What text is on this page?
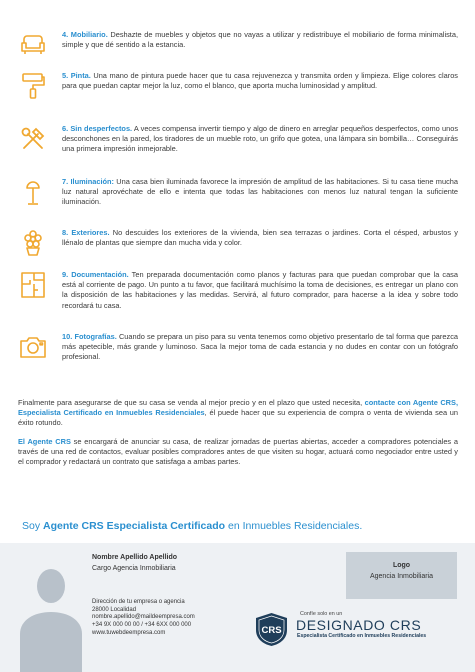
4. Mobiliario. Deshazte de muebles y objetos que no vayas a utilizar y redistribuye el mobiliario de forma minimalista, simple y que dé sentido a la estancia.

5. Pinta. Una mano de pintura puede hacer que tu casa rejuvenezca y transmita orden y limpieza. Elige colores claros para que puedan captar mejor la luz, como el blanco, que aporta mucha luminosidad y amplitud.

6. Sin desperfectos. A veces compensa invertir tiempo y algo de dinero en arreglar pequeños desperfectos, como unos desconchones en la pared, los tiradores de un mueble roto, un grifo que gotea, una lámpara sin bombilla… Conseguirás una primera impresión inmejorable.

7. Iluminación: Una casa bien iluminada favorece la impresión de amplitud de las habitaciones. Si tu casa tiene mucha luz natural aprovéchate de ello e intenta que todas las habitaciones con menos luz natural tengan la suficiente iluminación.

8. Exteriores. No descuides los exteriores de la vivienda, bien sea terrazas o jardines. Corta el césped, arbustos y llénalo de plantas que siempre dan mucha vida y color.

9. Documentación. Ten preparada documentación como planos y facturas para que puedan comprobar que la casa está al corriente de pago. Un punto a tu favor, que facilitará muchísimo la toma de decisiones, es entregar un plano con la disposición de las habitaciones y las medidas. Servirá, al futuro comprador, para hacerse a la idea y sobre todo recordará tu casa.

10. Fotografías. Cuando se prepara un piso para su venta tenemos como objetivo presentarlo de tal forma que parezca más apetecible, más grande y luminoso. Saca la mejor toma de cada estancia y no dudes en contar con un fotógrafo profesional.

Finalmente para asegurarse de que su casa se venda al mejor precio y en el plazo que usted necesita, contacte con Agente CRS, Especialista Certificado en Inmuebles Residenciales, él puede hacer que su experiencia de compra o venta de vivienda sea un éxito rotundo.

El Agente CRS se encargará de anunciar su casa, de realizar jornadas de puertas abiertas, acceder a compradores potenciales a través de una red de contactos, evaluar posibles compradores antes de que visiten su hogar, actuará como negociador entre usted y el comprador y redactará un contrato que satisfaga a ambas partes.

Soy Agente CRS Especialista Certificado en Inmuebles Residenciales.
Nombre Apellido Apellido
Cargo Agencia Inmobiliaria
Dirección de tu empresa o agencia
28000 Localidad
nombre.apellido@maildeempresa.com
+34 9X 000 00 00 / +34 6XX 000 000
www.tuwebdeempresa.com
Logo
Agencia Inmobiliaria
CRS
Confíe solo en un
DESIGNADO CRS
Especialista Certificado en Inmuebles Residenciales
